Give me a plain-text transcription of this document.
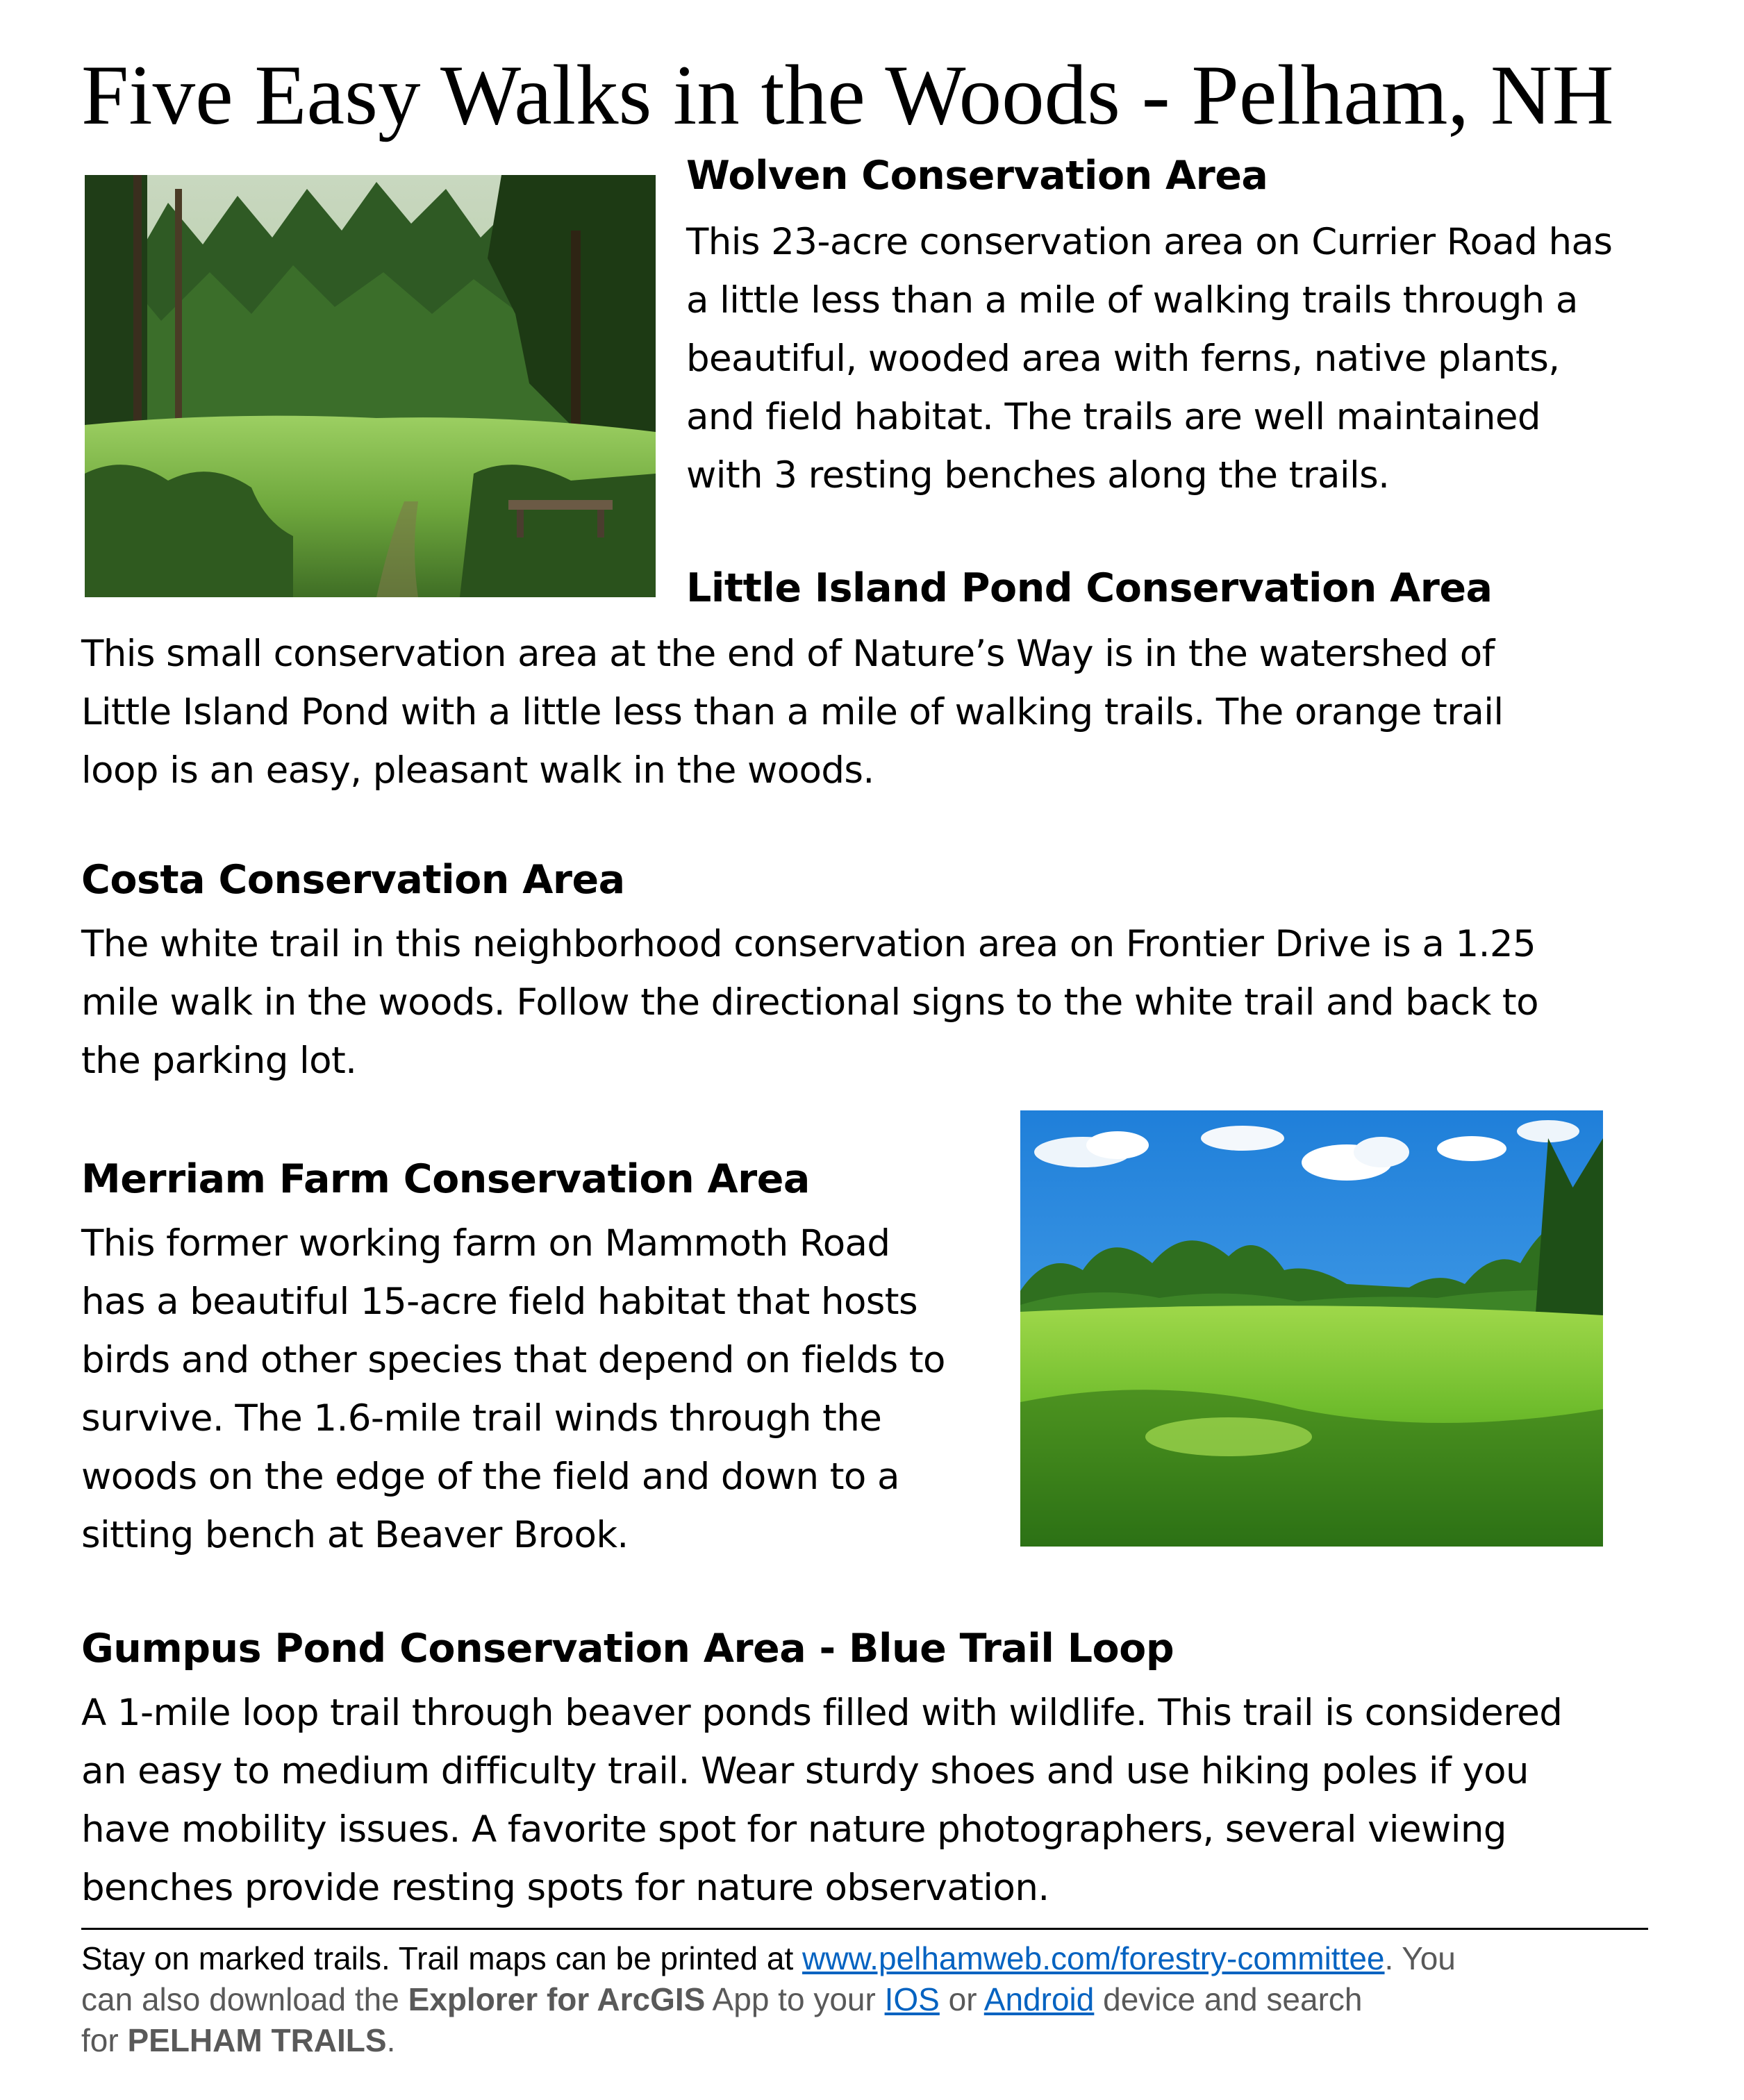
Five Easy Walks in the Woods - Pelham, NH
Wolven Conservation Area

This 23-acre conservation area on Currier Road has

a little less than a mile of walking trails through a

beautiful, wooded area with ferns, native plants,

and field habitat. The trails are well maintained

with 3 resting benches along the trails.

Little Island Pond Conservation Area

This small conservation area at the end of Nature’s Way is in the watershed of

Little Island Pond with a little less than a mile of walking trails. The orange trail

loop is an easy, pleasant walk in the woods.

Costa Conservation Area

The white trail in this neighborhood conservation area on Frontier Drive is a 1.25

mile walk in the woods. Follow the directional signs to the white trail and back to

the parking lot.

Merriam Farm Conservation Area

This former working farm on Mammoth Road

has a beautiful 15-acre field habitat that hosts

birds and other species that depend on fields to

survive. The 1.6-mile trail winds through the

woods on the edge of the field and down to a

sitting bench at Beaver Brook.

Gumpus Pond Conservation Area - Blue Trail Loop

A 1-mile loop trail through beaver ponds filled with wildlife. This trail is considered

an easy to medium difficulty trail. Wear sturdy shoes and use hiking poles if you

have mobility issues. A favorite spot for nature photographers, several viewing

benches provide resting spots for nature observation.

Stay on marked trails. Trail maps can be printed at www.pelhamweb.com/forestry-committee. You

can also download the Explorer for ArcGIS App to your IOS or Android device and search

for PELHAM TRAILS.
